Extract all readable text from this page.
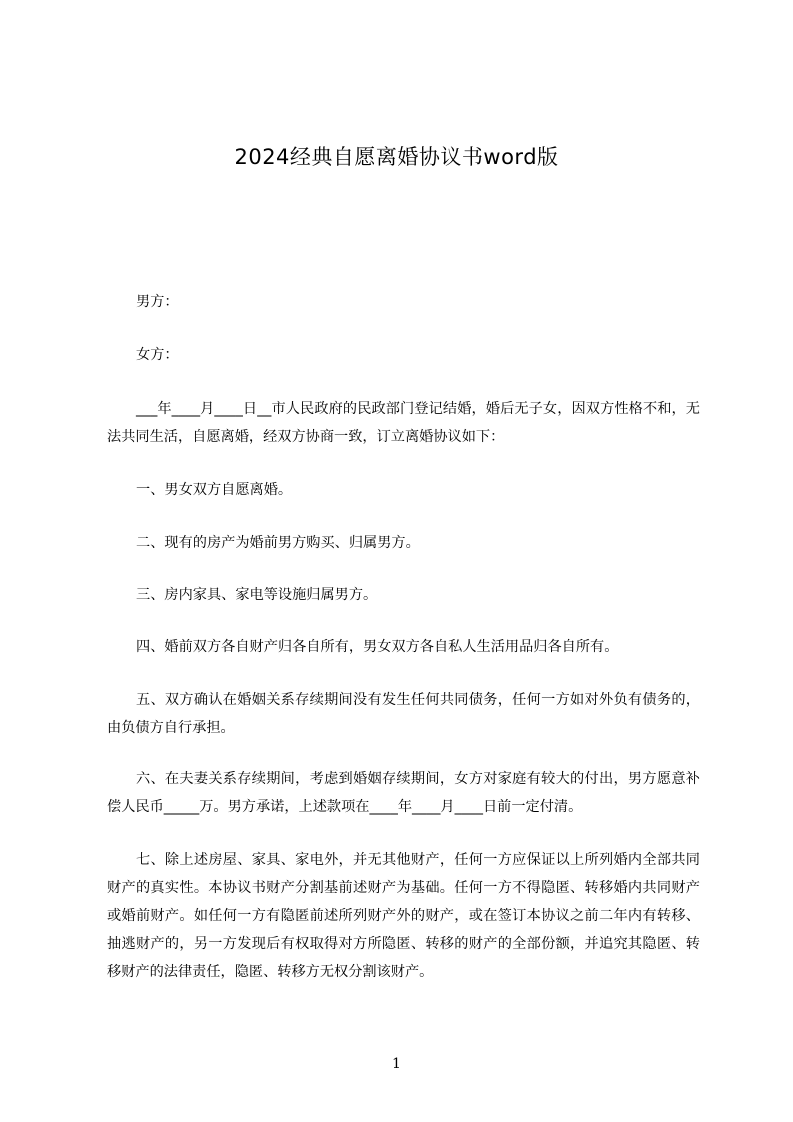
2024经典自愿离婚协议书word版
男方：
女方：
___年____月____日__市人民政府的民政部门登记结婚，婚后无子女，因双方性格不和，无法共同生活，自愿离婚，经双方协商一致，订立离婚协议如下：
一、男女双方自愿离婚。
二、现有的房产为婚前男方购买、归属男方。
三、房内家具、家电等设施归属男方。
四、婚前双方各自财产归各自所有，男女双方各自私人生活用品归各自所有。
五、双方确认在婚姻关系存续期间没有发生任何共同债务，任何一方如对外负有债务的，由负债方自行承担。
六、在夫妻关系存续期间，考虑到婚姻存续期间，女方对家庭有较大的付出，男方愿意补偿人民币_____万。男方承诺，上述款项在____年____月____日前一定付清。
七、除上述房屋、家具、家电外，并无其他财产，任何一方应保证以上所列婚内全部共同财产的真实性。本协议书财产分割基前述财产为基础。任何一方不得隐匿、转移婚内共同财产或婚前财产。如任何一方有隐匿前述所列财产外的财产，或在签订本协议之前二年内有转移、抽逃财产的，另一方发现后有权取得对方所隐匿、转移的财产的全部份额，并追究其隐匿、转移财产的法律责任，隐匿、转移方无权分割该财产。
1
